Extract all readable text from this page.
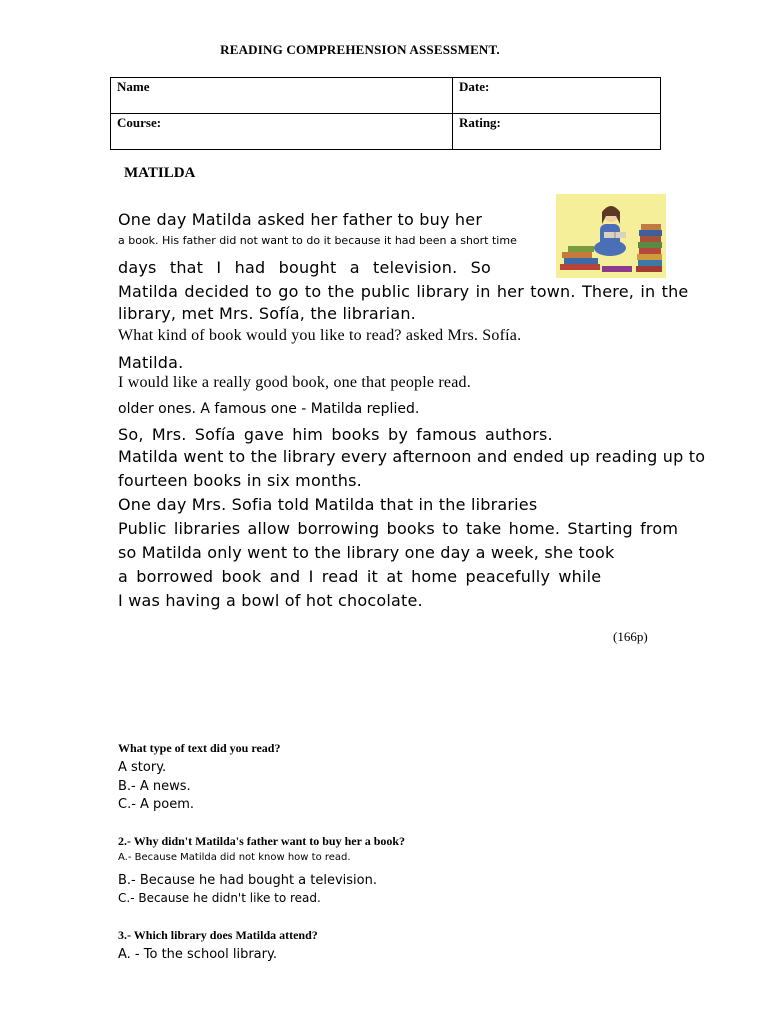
READING COMPREHENSION ASSESSMENT.
Name	Date:
Course:	Rating:
MATILDA
One day Matilda asked her father to buy her
a book. His father did not want to do it because it had been a short time
days that I had bought a television. So
Matilda decided to go to the public library in her town. There, in the
library, met Mrs. Sofía, the librarian.
What kind of book would you like to read? asked Mrs. Sofía.
Matilda.
I would like a really good book, one that people read.
older ones. A famous one - Matilda replied.
So, Mrs. Sofía gave him books by famous authors.
Matilda went to the library every afternoon and ended up reading up to
fourteen books in six months.
One day Mrs. Sofia told Matilda that in the libraries
Public libraries allow borrowing books to take home. Starting from
so Matilda only went to the library one day a week, she took
a borrowed book and I read it at home peacefully while
I was having a bowl of hot chocolate.
(166p)
What type of text did you read?
A story.
B.- A news.
C.- A poem.
2.- Why didn't Matilda's father want to buy her a book?
A.- Because Matilda did not know how to read.
B.- Because he had bought a television.
C.- Because he didn't like to read.
3.- Which library does Matilda attend?
A. - To the school library.
